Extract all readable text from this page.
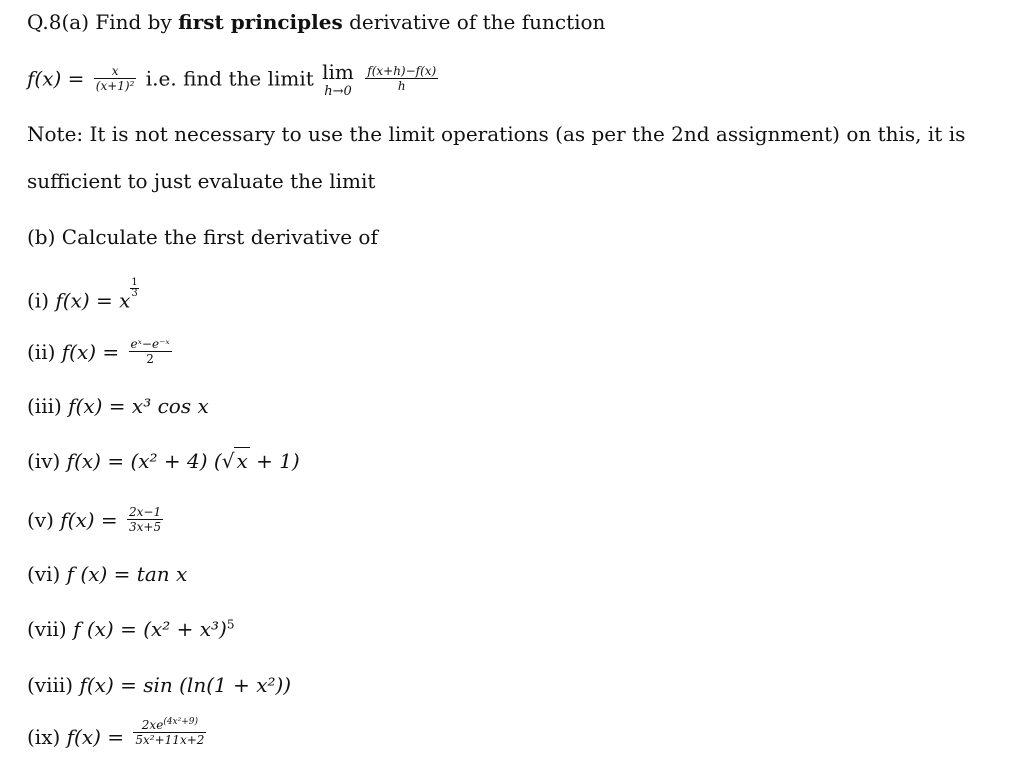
Q.8(a) Find by first principles derivative of the function
$f(x) = \frac{x}{\text{(x+1)²}} i.e$. find the limit lim
h→0
$\frac{f(x+h)-f(x)}{h}$
Note: It is not necessary to use the limit operations (as per the 2nd assignment) on this, it is
sufficient to just evaluate the limit
(b) Calculate the first derivative of
(i) f(x) = x
$\frac{1}{3}$
(ii) $f(x) = \frac{\text{eˣ−e⁻ˣ}}{2}$
(iii) f(x) = x³ cos x
(iv) f(x) = (x² + 4) (√ x + 1)
(v) $f(x) = \frac{2x-1}{3x+5}$
(vi) f (x) = tan x
(vii) f $(x) = (x^2 + x^3)^5$
(viii) f(x) = sin (ln(1 + x²))
(ix) $f(x) = \frac{2xe^{(4x^2+9)}}{\text{5x²+11x+2}}$
